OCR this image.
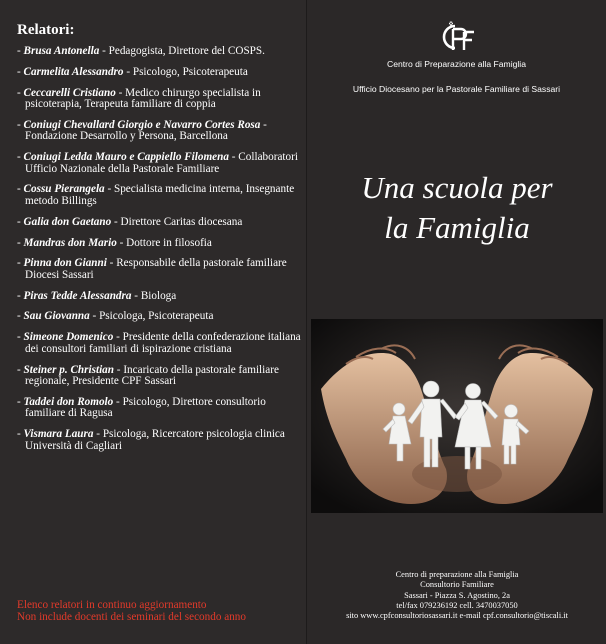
Relatori:
- Brusa Antonella - Pedagogista, Direttore del COSPS.
- Carmelita Alessandro - Psicologo, Psicoterapeuta
- Ceccarelli Cristiano - Medico chirurgo specialista in psicoterapia, Terapeuta familiare di coppia
- Coniugi Chevallard Giorgio e Navarro Cortes Rosa - Fondazione Desarrollo y Persona, Barcellona
- Coniugi Ledda Mauro e Cappiello Filomena - Collaboratori Ufficio Nazionale della Pastorale Familiare
- Cossu Pierangela - Specialista medicina interna, Insegnante metodo Billings
- Galia don Gaetano - Direttore Caritas diocesana
- Mandras don Mario - Dottore in filosofia
- Pinna don Gianni - Responsabile della pastorale familiare Diocesi Sassari
- Piras Tedde Alessandra - Biologa
- Sau Giovanna - Psicologa, Psicoterapeuta
- Simeone Domenico - Presidente della confederazione italiana dei consultori familiari di ispirazione cristiana
- Steiner p. Christian - Incaricato della pastorale familiare regionale, Presidente CPF Sassari
- Taddei don Romolo - Psicologo, Direttore consultorio familiare di Ragusa
- Vismara Laura - Psicologa, Ricercatore psicologia clinica Università di Cagliari
Elenco relatori in continuo aggiornamento
Non include docenti dei seminari del secondo anno
Centro di Preparazione alla Famiglia
Ufficio Diocesano per la Pastorale Familiare di Sassari
Una scuola per
la Famiglia
Centro di preparazione alla Famiglia
Consultorio Familiare
Sassari - Piazza S. Agostino, 2a
tel/fax 079236192 cell. 3470037050
sito www.cpfconsultoriosassari.it e-mail cpf.consultorio@tiscali.it
